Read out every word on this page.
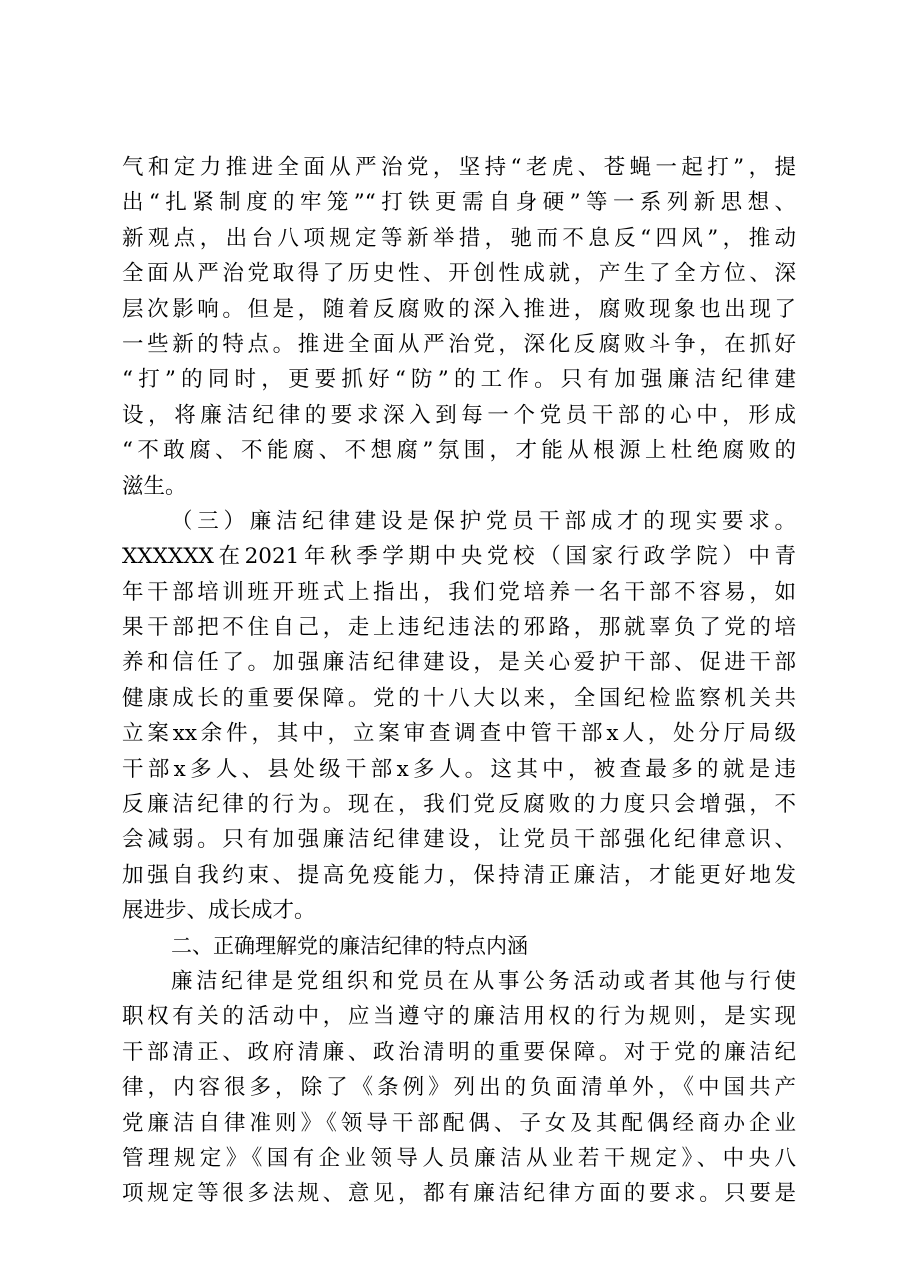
气和定力推进全面从严治党，坚持“老虎、苍蝇一起打”，提
出“扎紧制度的牢笼”“打铁更需自身硬”等一系列新思想、
新观点，出台八项规定等新举措，驰而不息反“四风”，推动
全面从严治党取得了历史性、开创性成就，产生了全方位、深
层次影响。但是，随着反腐败的深入推进，腐败现象也出现了
一些新的特点。推进全面从严治党，深化反腐败斗争，在抓好
“打”的同时，更要抓好“防”的工作。只有加强廉洁纪律建
设，将廉洁纪律的要求深入到每一个党员干部的心中，形成
“不敢腐、不能腐、不想腐”氛围，才能从根源上杜绝腐败的
滋生。
（三）廉洁纪律建设是保护党员干部成才的现实要求。
XXXXXX在2021年秋季学期中央党校（国家行政学院）中青
年干部培训班开班式上指出，我们党培养一名干部不容易，如
果干部把不住自己，走上违纪违法的邪路，那就辜负了党的培
养和信任了。加强廉洁纪律建设，是关心爱护干部、促进干部
健康成长的重要保障。党的十八大以来，全国纪检监察机关共
立案xx余件，其中，立案审查调查中管干部x人，处分厅局级
干部x多人、县处级干部x多人。这其中，被查最多的就是违
反廉洁纪律的行为。现在，我们党反腐败的力度只会增强，不
会减弱。只有加强廉洁纪律建设，让党员干部强化纪律意识、
加强自我约束、提高免疫能力，保持清正廉洁，才能更好地发
展进步、成长成才。
二、正确理解党的廉洁纪律的特点内涵
廉洁纪律是党组织和党员在从事公务活动或者其他与行使
职权有关的活动中，应当遵守的廉洁用权的行为规则，是实现
干部清正、政府清廉、政治清明的重要保障。对于党的廉洁纪
律，内容很多，除了《条例》列出的负面清单外，《中国共产
党廉洁自律准则》《领导干部配偶、子女及其配偶经商办企业
管理规定》《国有企业领导人员廉洁从业若干规定》、中央八
项规定等很多法规、意见，都有廉洁纪律方面的要求。只要是
